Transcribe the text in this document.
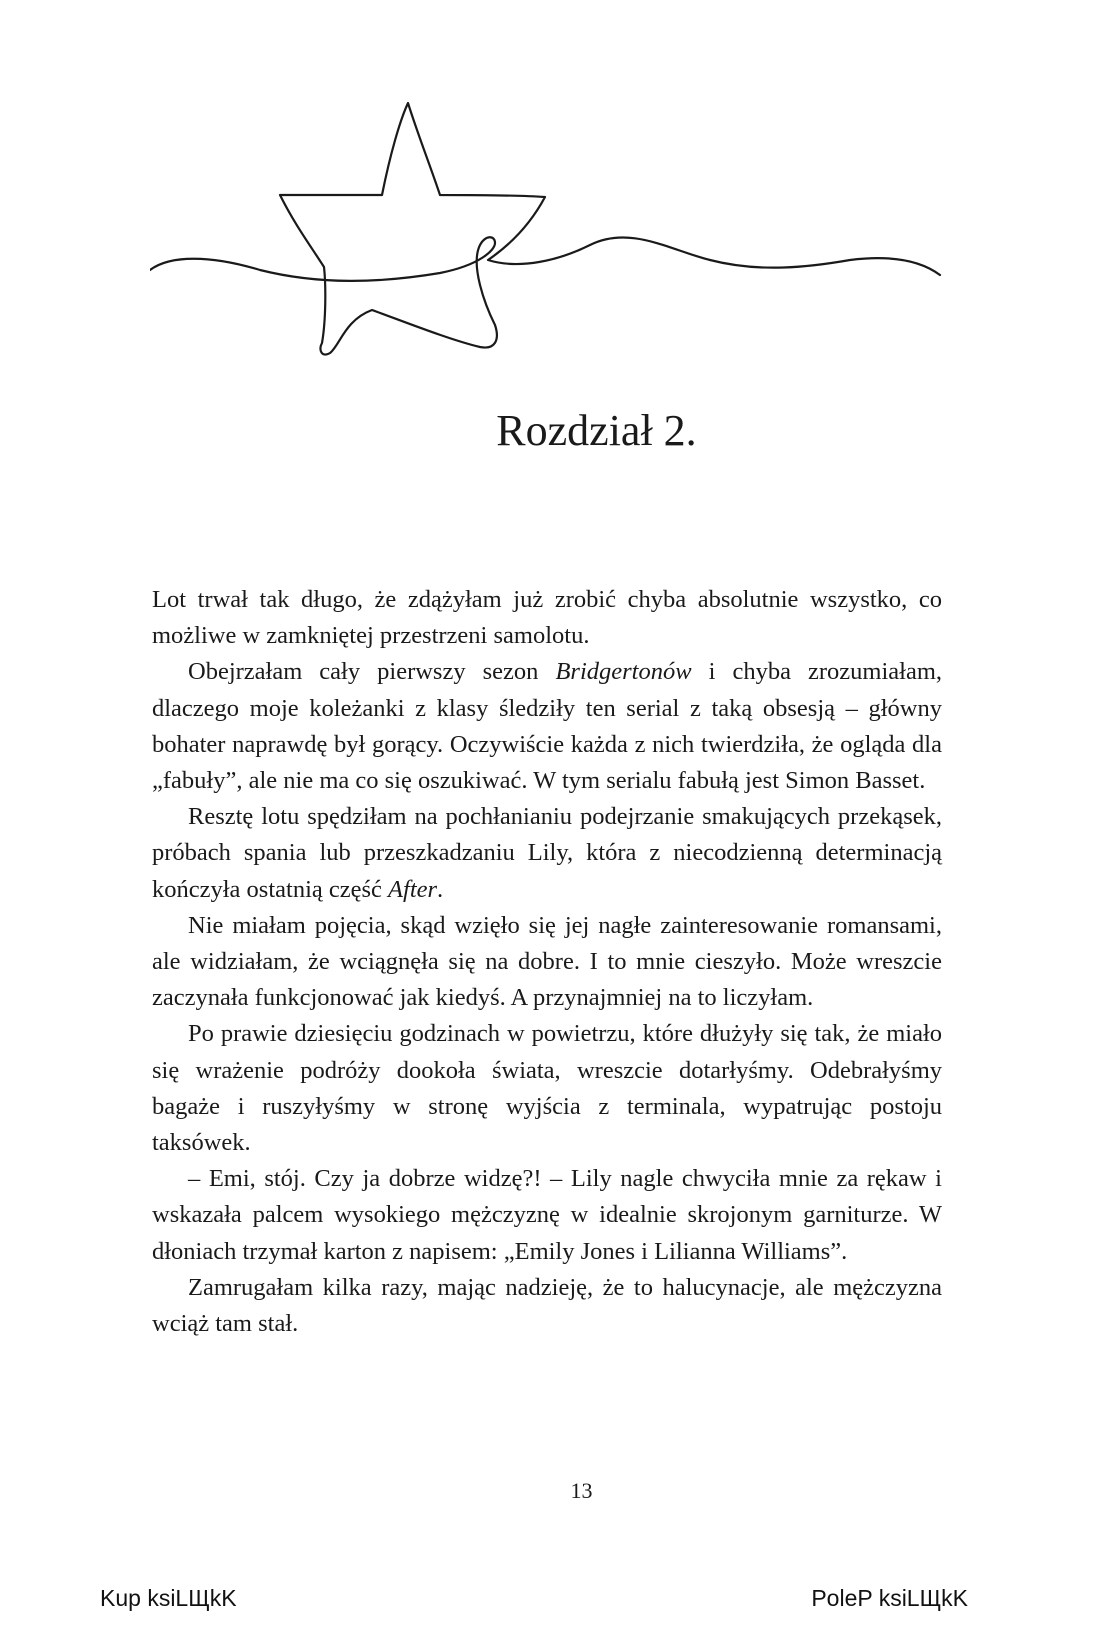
Rozdział 2.

Lot trwał tak długo, że zdążyłam już zrobić chyba absolutnie wszystko, co możliwe w zamkniętej przestrzeni samolotu.

Obejrzałam cały pierwszy sezon Bridgertonów i chyba zrozumiałam, dlaczego moje koleżanki z klasy śledziły ten serial z taką obsesją – główny bohater naprawdę był gorący. Oczywiście każda z nich twierdziła, że ogląda dla „fabuły”, ale nie ma co się oszukiwać. W tym serialu fabułą jest Simon Basset.

Resztę lotu spędziłam na pochłanianiu podejrzanie smakujących przekąsek, próbach spania lub przeszkadzaniu Lily, która z niecodzienną determinacją kończyła ostatnią część After.

Nie miałam pojęcia, skąd wzięło się jej nagłe zainteresowanie romansami, ale widziałam, że wciągnęła się na dobre. I to mnie cieszyło. Może wreszcie zaczynała funkcjonować jak kiedyś. A przynajmniej na to liczyłam.

Po prawie dziesięciu godzinach w powietrzu, które dłużyły się tak, że miało się wrażenie podróży dookoła świata, wreszcie dotarłyśmy. Odebrałyśmy bagaże i ruszyłyśmy w stronę wyjścia z terminala, wypatrując postoju taksówek.

– Emi, stój. Czy ja dobrze widzę?! – Lily nagle chwyciła mnie za rękaw i wskazała palcem wysokiego mężczyznę w idealnie skrojonym garniturze. W dłoniach trzymał karton z napisem: „Emily Jones i Lilianna Williams”.

Zamrugałam kilka razy, mając nadzieję, że to halucynacje, ale mężczyzna wciąż tam stał.

13
Kup ksiLЩkK	PoleP ksiLЩkK
